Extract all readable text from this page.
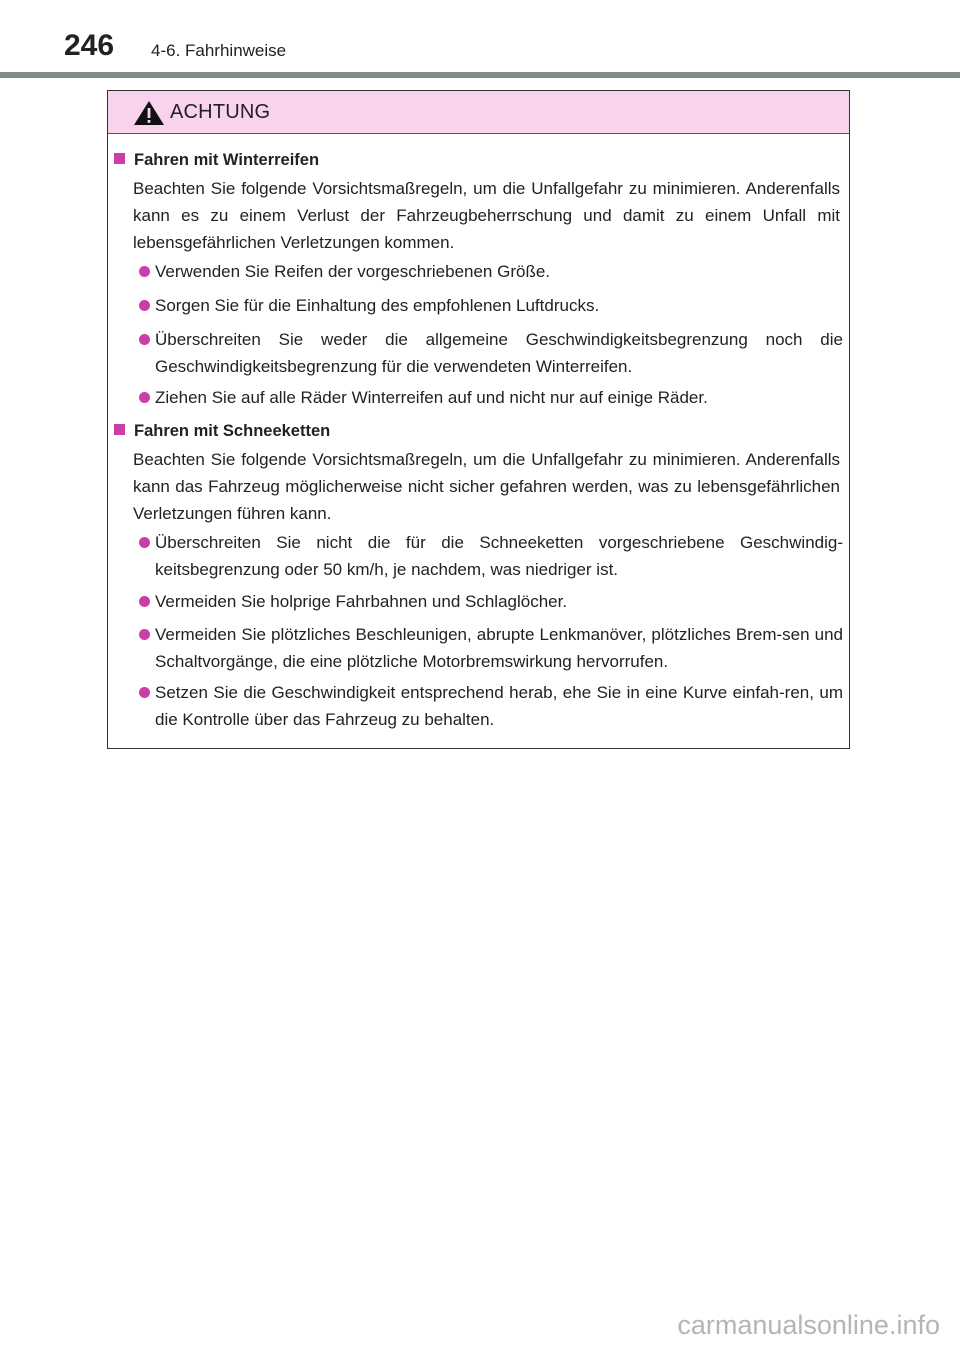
246 4-6. Fahrhinweise
ACHTUNG
Fahren mit Winterreifen
Beachten Sie folgende Vorsichtsmaßregeln, um die Unfallgefahr zu minimieren. Anderenfalls kann es zu einem Verlust der Fahrzeugbeherrschung und damit zu einem Unfall mit lebensgefährlichen Verletzungen kommen.
Verwenden Sie Reifen der vorgeschriebenen Größe.
Sorgen Sie für die Einhaltung des empfohlenen Luftdrucks.
Überschreiten Sie weder die allgemeine Geschwindigkeitsbegrenzung noch die Geschwindigkeitsbegrenzung für die verwendeten Winterreifen.
Ziehen Sie auf alle Räder Winterreifen auf und nicht nur auf einige Räder.
Fahren mit Schneeketten
Beachten Sie folgende Vorsichtsmaßregeln, um die Unfallgefahr zu minimieren. Anderenfalls kann das Fahrzeug möglicherweise nicht sicher gefahren werden, was zu lebensgefährlichen Verletzungen führen kann.
Überschreiten Sie nicht die für die Schneeketten vorgeschriebene Geschwindig-keitsbegrenzung oder 50 km/h, je nachdem, was niedriger ist.
Vermeiden Sie holprige Fahrbahnen und Schlaglöcher.
Vermeiden Sie plötzliches Beschleunigen, abrupte Lenkmanöver, plötzliches Brem-sen und Schaltvorgänge, die eine plötzliche Motorbremswirkung hervorrufen.
Setzen Sie die Geschwindigkeit entsprechend herab, ehe Sie in eine Kurve einfah-ren, um die Kontrolle über das Fahrzeug zu behalten.
carmanualsonline.info
